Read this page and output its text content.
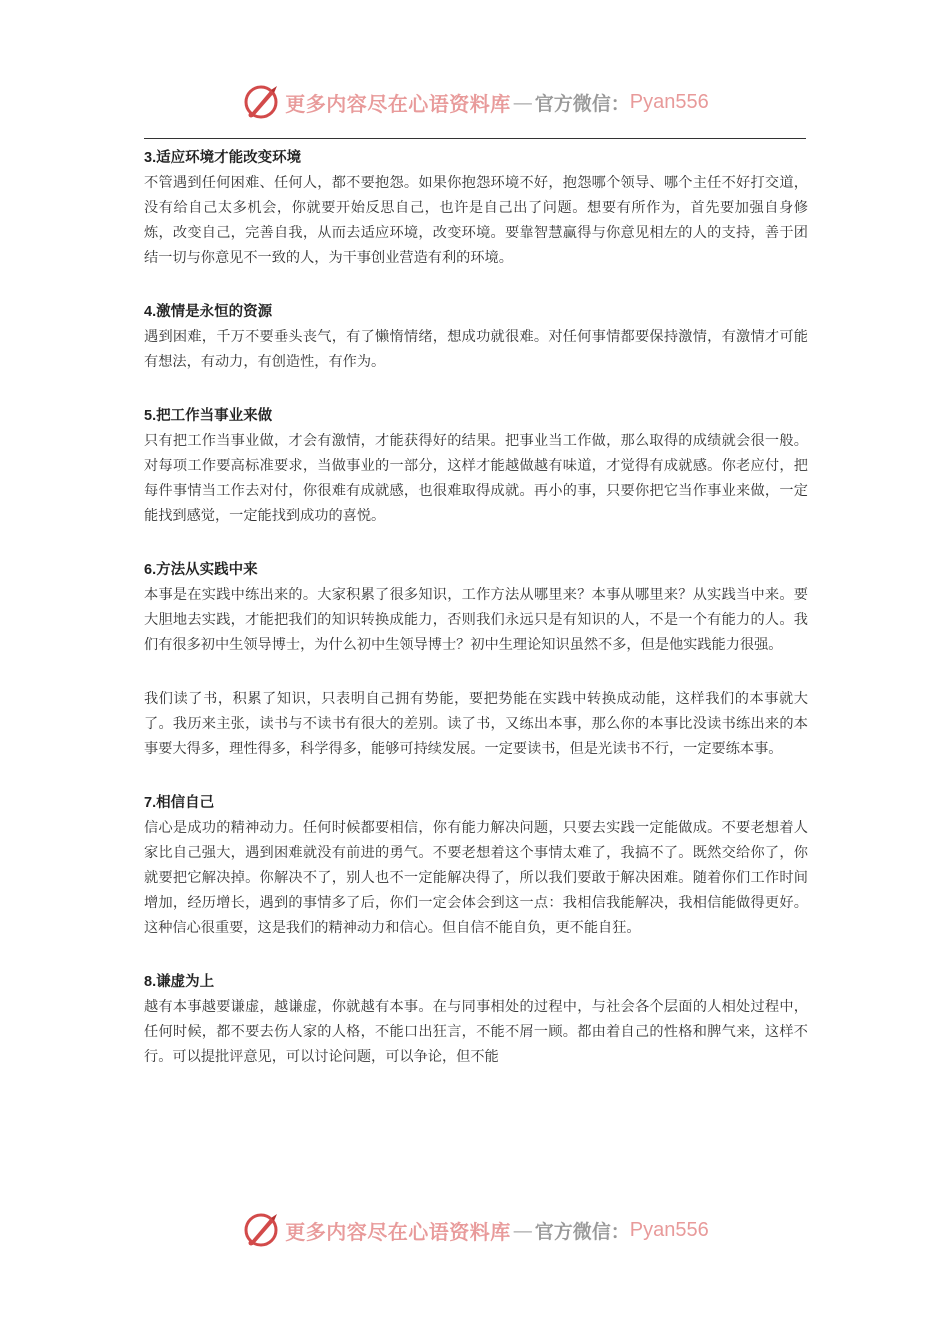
更多内容尽在心语资料库 — 官方微信： Pyan556

3.适应环境才能改变环境

不管遇到任何困难、任何人，都不要抱怨。如果你抱怨环境不好，抱怨哪个领导、哪个主任不好打交道，没有给自己太多机会，你就要开始反思自己，也许是自己出了问题。想要有所作为，首先要加强自身修炼，改变自己，完善自我，从而去适应环境，改变环境。要靠智慧赢得与你意见相左的人的支持，善于团结一切与你意见不一致的人，为干事创业营造有利的环境。

4.激情是永恒的资源

遇到困难，千万不要垂头丧气，有了懒惰情绪，想成功就很难。对任何事情都要保持激情，有激情才可能有想法，有动力，有创造性，有作为。

5.把工作当事业来做

只有把工作当事业做，才会有激情，才能获得好的结果。把事业当工作做，那么取得的成绩就会很一般。对每项工作要高标准要求，当做事业的一部分，这样才能越做越有味道，才觉得有成就感。你老应付，把每件事情当工作去对付，你很难有成就感，也很难取得成就。再小的事，只要你把它当作事业来做，一定能找到感觉，一定能找到成功的喜悦。

6.方法从实践中来

本事是在实践中练出来的。大家积累了很多知识，工作方法从哪里来？本事从哪里来？从实践当中来。要大胆地去实践，才能把我们的知识转换成能力，否则我们永远只是有知识的人，不是一个有能力的人。我们有很多初中生领导博士，为什么初中生领导博士？初中生理论知识虽然不多，但是他实践能力很强。

我们读了书，积累了知识，只表明自己拥有势能，要把势能在实践中转换成动能，这样我们的本事就大了。我历来主张，读书与不读书有很大的差别。读了书，又练出本事，那么你的本事比没读书练出来的本事要大得多，理性得多，科学得多，能够可持续发展。一定要读书，但是光读书不行，一定要练本事。

7.相信自己

信心是成功的精神动力。任何时候都要相信，你有能力解决问题，只要去实践一定能做成。不要老想着人家比自己强大，遇到困难就没有前进的勇气。不要老想着这个事情太难了，我搞不了。既然交给你了，你就要把它解决掉。你解决不了，别人也不一定能解决得了，所以我们要敢于解决困难。随着你们工作时间增加，经历增长，遇到的事情多了后，你们一定会体会到这一点：我相信我能解决，我相信能做得更好。这种信心很重要，这是我们的精神动力和信心。但自信不能自负，更不能自狂。

8.谦虚为上

越有本事越要谦虚，越谦虚，你就越有本事。在与同事相处的过程中，与社会各个层面的人相处过程中，任何时候，都不要去伤人家的人格，不能口出狂言，不能不屑一顾。都由着自己的性格和脾气来，这样不行。可以提批评意见，可以讨论问题，可以争论，但不能

更多内容尽在心语资料库 — 官方微信： Pyan556
